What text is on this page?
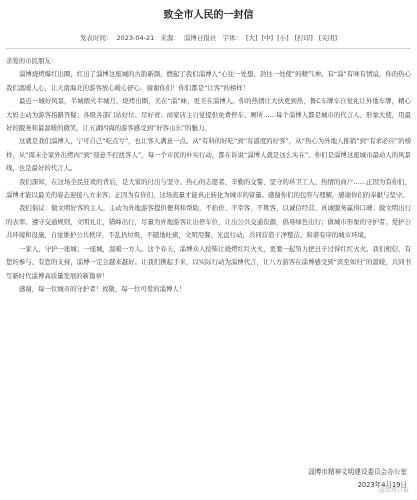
致全市人民的一封信
发表时间： 2023-04-21 来源： 淄博日报社 字体： [大] [中] [小] [打印] [关闭]

亲爱的市民朋友：

淄博烧烤爆红出圈，红出了淄博这座城的古韵新颜，燃起了我们淄博人“心往一处想、劲往一处使”的精气神。有“淄”有味有情谊，你的热心我们温暖人心，让天南海北的游客放心暖心舒心。谢谢你们！你们都是“让客”的榜样！

最近一城好风景，半城烟火半城月。烧烤出圈，美在“淄”味，更美在淄博人。你的热情让大伙更到热，鲁C车牌车自觉礼让外地车牌，精心大妈主动为游客指路答疑；各级各部门站好位、尽好责；商家店主自觉提供免费停车、厕所……每个淄博人都是城市的代言人、形象大使，用最好的服务和最温暖的微笑，让五湖四海的游客感受到“好客山东”的魅力。

这就是我们淄博人，宁可自己“吃点亏”，也让客人满意一点。从“有料的好吃”到“有温度的好客”，从“热心为外地人推销”到“有求必应”的榜样，从“周末全家外出烤肉”到“刻意不打扰客人”，每一个市民的朴实行动，都在诉说“淄博人就是这么实在”。你们是淄博这座城市最动人的风景线，也是最好的代言人。

我们深知，在这场全民狂欢的背后，是大家的付出与坚守。热心的志愿者、辛勤的交警、坚守的环卫工人、热情的商户……正因为有你们，淄博才能以最美的姿态迎接八方来客；正因为有你们，这场流量才能真正转化为城市的留量。感谢你们的包容与理解，感谢你们的奉献与坚守。

我们倡议：做文明好客的主人。主动为外地游客提供便利和帮助，不抬价、不宰客、不欺客，以诚信经营、真诚服务赢得口碑；做文明出行的表率。遵守交通规则，文明礼让，错峰出行，尽量为外地游客让出停车位、让出公共交通资源，倡导绿色出行；做城市形象的守护者。爱护公共环境和设施，自觉维护公共秩序，不乱扔垃圾，不随地吐痰，文明用餐、光盘行动，共同营造干净整洁、和谐有序的城市环境。

一家人，守护一座城；一座城，温暖一方人。这个春天，淄博众人拾柴让烧烤红红火火，更要一起努力把日子过得红红火火。我们相信，有您的参与、有您的支持，淄博一定会越来越好。让我们携起手来，以实际行动为淄博代言，让八方游客在淄博感受到“宾至如归”的温暖，共同书写新时代淄博高质量发展的新篇章！

感谢，每一位城市的守护者！致敬，每一位可爱的淄博人！

淄博市精神文明建设委员会办公室
2023年4月19日
@淄博日报
